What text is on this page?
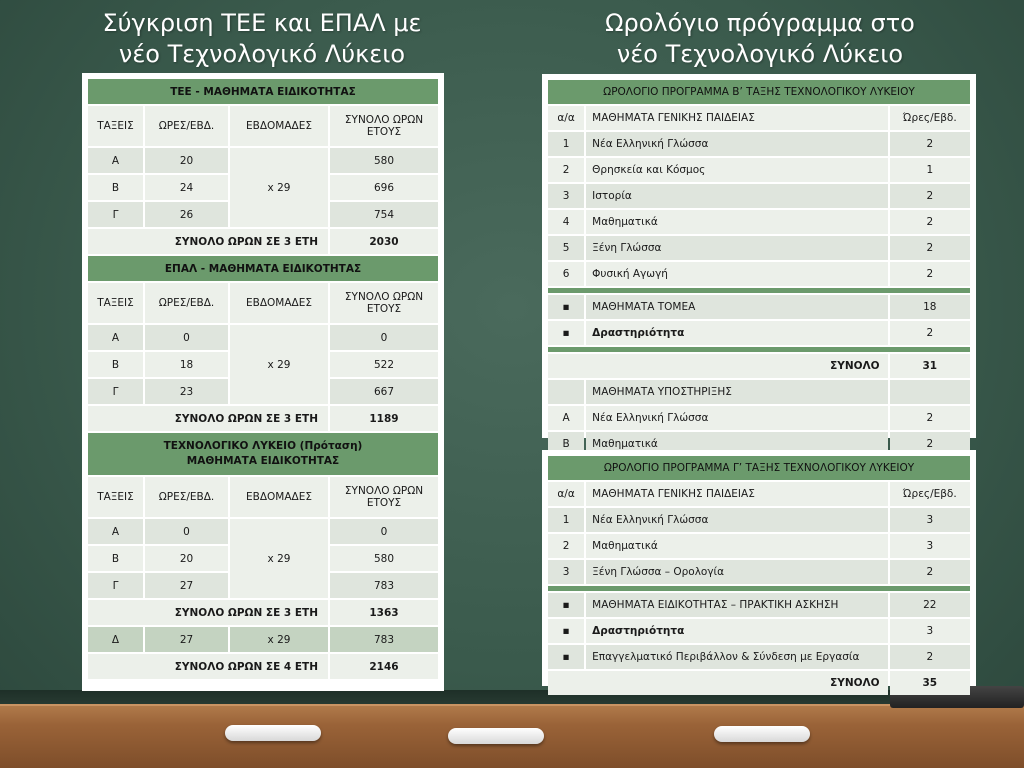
Σύγκριση ΤΕΕ και ΕΠΑΛ με
νέο Τεχνολογικό Λύκειο
Ωρολόγιο πρόγραμμα στο
νέο Τεχνολογικό Λύκειο
ΤΕΕ - ΜΑΘΗΜΑΤΑ ΕΙΔΙΚΟΤΗΤΑΣ			
ΤΑΞΕΙΣ	ΩΡΕΣ/ΕΒΔ.	ΕΒΔΟΜΑΔΕΣ	ΣΥΝΟΛΟ ΩΡΩΝ ΕΤΟΥΣ
Α	20	x 29	580
Β	24		696
Γ	26		754
ΣΥΝΟΛΟ ΩΡΩΝ ΣΕ 3 ΕΤΗ			2030
ΕΠΑΛ - ΜΑΘΗΜΑΤΑ ΕΙΔΙΚΟΤΗΤΑΣ			
ΤΑΞΕΙΣ	ΩΡΕΣ/ΕΒΔ.	ΕΒΔΟΜΑΔΕΣ	ΣΥΝΟΛΟ ΩΡΩΝ ΕΤΟΥΣ
Α	0	x 29	0
Β	18		522
Γ	23		667
ΣΥΝΟΛΟ ΩΡΩΝ ΣΕ 3 ΕΤΗ			1189

ΤΕΧΝΟΛΟΓΙΚΟ ΛΥΚΕΙΟ (Πρόταση)
ΜΑΘΗΜΑΤΑ ΕΙΔΙΚΟΤΗΤΑΣ			

ΤΑΞΕΙΣ	ΩΡΕΣ/ΕΒΔ.	ΕΒΔΟΜΑΔΕΣ	ΣΥΝΟΛΟ ΩΡΩΝ ΕΤΟΥΣ
Α	0	x 29	0
Β	20		580
Γ	27		783
ΣΥΝΟΛΟ ΩΡΩΝ ΣΕ 3 ΕΤΗ			1363
Δ	27	x 29	783
ΣΥΝΟΛΟ ΩΡΩΝ ΣΕ 4 ΕΤΗ			2146
ΩΡΟΛΟΓΙΟ ΠΡΟΓΡΑΜΜΑ Β’ ΤΑΞΗΣ ΤΕΧΝΟΛΟΓΙΚΟΥ ΛΥΚΕΙΟΥ		
α/α	ΜΑΘΗΜΑΤΑ ΓΕΝΙΚΗΣ ΠΑΙΔΕΙΑΣ	Ώρες/Εβδ.
1	Νέα Ελληνική Γλώσσα	2
2	Θρησκεία και Κόσμος	1
3	Ιστορία	2
4	Μαθηματικά	2
5	Ξένη Γλώσσα	2
6	Φυσική Αγωγή	2

▪	ΜΑΘΗΜΑΤΑ ΤΟΜΕΑ	18
▪	Δραστηριότητα	2

ΣΥΝΟΛΟ		31
	ΜΑΘΗΜΑΤΑ ΥΠΟΣΤΗΡΙΞΗΣ	
Α	Νέα Ελληνική Γλώσσα	2
Β	Μαθηματικά	2
ΩΡΟΛΟΓΙΟ ΠΡΟΓΡΑΜΜΑ Γ’ ΤΑΞΗΣ ΤΕΧΝΟΛΟΓΙΚΟΥ ΛΥΚΕΙΟΥ		
α/α	ΜΑΘΗΜΑΤΑ ΓΕΝΙΚΗΣ ΠΑΙΔΕΙΑΣ	Ώρες/Εβδ.
1	Νέα Ελληνική Γλώσσα	3
2	Μαθηματικά	3
3	Ξένη Γλώσσα – Ορολογία	2

▪	ΜΑΘΗΜΑΤΑ ΕΙΔΙΚΟΤΗΤΑΣ – ΠΡΑΚΤΙΚΗ ΑΣΚΗΣΗ	22
▪	Δραστηριότητα	3
▪	Επαγγελματικό Περιβάλλον & Σύνδεση με Εργασία	2
ΣΥΝΟΛΟ		35
